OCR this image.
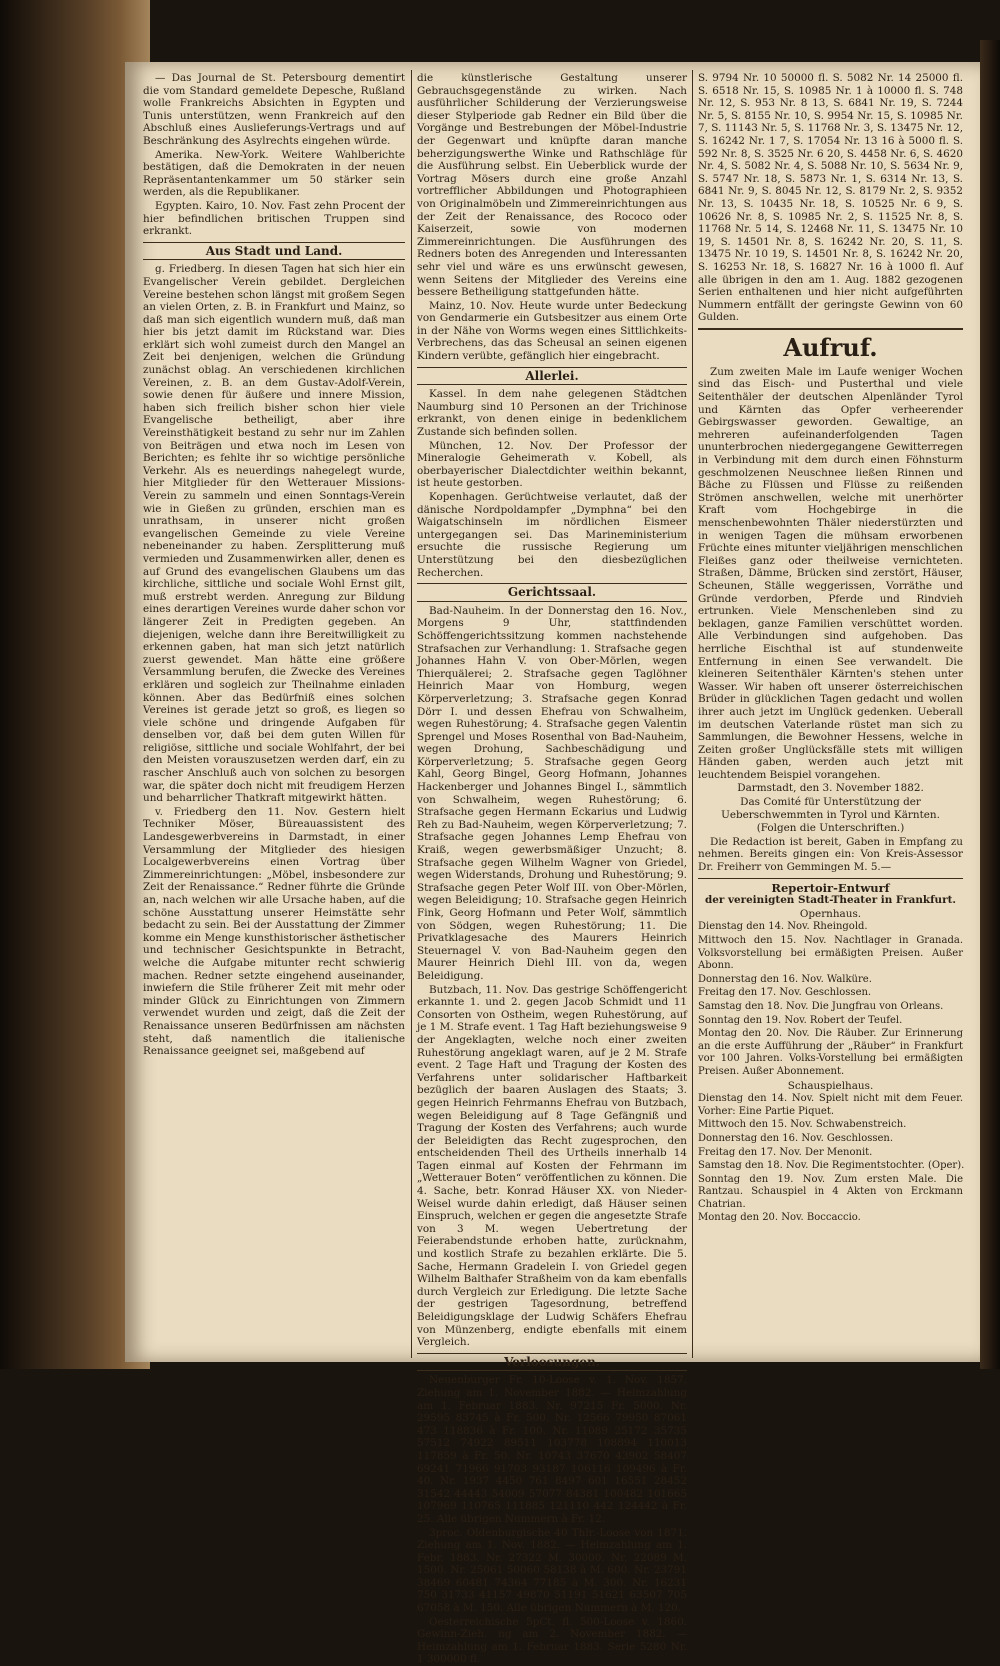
— Das Journal de St. Petersbourg dementirt die vom Standard gemeldete Depesche, Rußland wolle Frankreichs Absichten in Egypten und Tunis unterstützen, wenn Frankreich auf den Abschluß eines Auslieferungs-Vertrags und auf Beschränkung des Asylrechts eingehen würde.

Amerika. New-York. Weitere Wahlberichte bestätigen, daß die Demokraten in der neuen Repräsentantenkammer um 50 stärker sein werden, als die Republikaner.

Egypten. Kairo, 10. Nov. Fast zehn Procent der hier befindlichen britischen Truppen sind erkrankt.

Aus Stadt und Land.

g. Friedberg. In diesen Tagen hat sich hier ein Evangelischer Verein gebildet. Dergleichen Vereine bestehen schon längst mit großem Segen an vielen Orten, z. B. in Frankfurt und Mainz, so daß man sich eigentlich wundern muß, daß man hier bis jetzt damit im Rückstand war. Dies erklärt sich wohl zumeist durch den Mangel an Zeit bei denjenigen, welchen die Gründung zunächst oblag. An verschiedenen kirchlichen Vereinen, z. B. an dem Gustav-Adolf-Verein, sowie denen für äußere und innere Mission, haben sich freilich bisher schon hier viele Evangelische betheiligt, aber ihre Vereinsthätigkeit bestand zu sehr nur im Zahlen von Beiträgen und etwa noch im Lesen von Berichten; es fehlte ihr so wichtige persönliche Verkehr. Als es neuerdings nahegelegt wurde, hier Mitglieder für den Wetterauer Missions-Verein zu sammeln und einen Sonntags-Verein wie in Gießen zu gründen, erschien man es unrathsam, in unserer nicht großen evangelischen Gemeinde zu viele Vereine nebeneinander zu haben. Zersplitterung muß vermieden und Zusammenwirken aller, denen es auf Grund des evangelischen Glaubens um das kirchliche, sittliche und sociale Wohl Ernst gilt, muß erstrebt werden. Anregung zur Bildung eines derartigen Vereines wurde daher schon vor längerer Zeit in Predigten gegeben. An diejenigen, welche dann ihre Bereitwilligkeit zu erkennen gaben, hat man sich jetzt natürlich zuerst gewendet. Man hätte eine größere Versammlung berufen, die Zwecke des Vereines erklären und sogleich zur Theilnahme einladen können. Aber das Bedürfniß eines solchen Vereines ist gerade jetzt so groß, es liegen so viele schöne und dringende Aufgaben für denselben vor, daß bei dem guten Willen für religiöse, sittliche und sociale Wohlfahrt, der bei den Meisten vorauszusetzen werden darf, ein zu rascher Anschluß auch von solchen zu besorgen war, die später doch nicht mit freudigem Herzen und beharrlicher Thatkraft mitgewirkt hätten.

v. Friedberg den 11. Nov. Gestern hielt Techniker Möser, Büreauassistent des Landesgewerbvereins in Darmstadt, in einer Versammlung der Mitglieder des hiesigen Localgewerbvereins einen Vortrag über Zimmereinrichtungen: „Möbel, insbesondere zur Zeit der Renaissance.“ Redner führte die Gründe an, nach welchen wir alle Ursache haben, auf die schöne Ausstattung unserer Heimstätte sehr bedacht zu sein. Bei der Ausstattung der Zimmer komme ein Menge kunsthistorischer ästhetischer und technischer Gesichtspunkte in Betracht, welche die Aufgabe mitunter recht schwierig machen. Redner setzte eingehend auseinander, inwiefern die Stile früherer Zeit mit mehr oder minder Glück zu Einrichtungen von Zimmern verwendet wurden und zeigt, daß die Zeit der Renaissance unseren Bedürfnissen am nächsten steht, daß namentlich die italienische Renaissance geeignet sei, maßgebend auf

die künstlerische Gestaltung unserer Gebrauchsgegenstände zu wirken. Nach ausführlicher Schilderung der Verzierungsweise dieser Stylperiode gab Redner ein Bild über die Vorgänge und Bestrebungen der Möbel-Industrie der Gegenwart und knüpfte daran manche beherzigungswerthe Winke und Rathschläge für die Ausführung selbst. Ein Ueberblick wurde der Vortrag Mösers durch eine große Anzahl vortrefflicher Abbildungen und Photographieen von Originalmöbeln und Zimmereinrichtungen aus der Zeit der Renaissance, des Rococo oder Kaiserzeit, sowie von modernen Zimmereinrichtungen. Die Ausführungen des Redners boten des Anregenden und Interessanten sehr viel und wäre es uns erwünscht gewesen, wenn Seitens der Mitglieder des Vereins eine bessere Betheiligung stattgefunden hätte.

Mainz, 10. Nov. Heute wurde unter Bedeckung von Gendarmerie ein Gutsbesitzer aus einem Orte in der Nähe von Worms wegen eines Sittlichkeits-Verbrechens, das das Scheusal an seinen eigenen Kindern verübte, gefänglich hier eingebracht.

Allerlei.

Kassel. In dem nahe gelegenen Städtchen Naumburg sind 10 Personen an der Trichinose erkrankt, von denen einige in bedenklichem Zustande sich befinden sollen.

München, 12. Nov. Der Professor der Mineralogie Geheimerath v. Kobell, als oberbayerischer Dialectdichter weithin bekannt, ist heute gestorben.

Kopenhagen. Gerüchtweise verlautet, daß der dänische Nordpoldampfer „Dymphna“ bei den Waigatschinseln im nördlichen Eismeer untergegangen sei. Das Marineministerium ersuchte die russische Regierung um Unterstützung bei den diesbezüglichen Recherchen.

Gerichtssaal.

Bad-Nauheim. In der Donnerstag den 16. Nov., Morgens 9 Uhr, stattfindenden Schöffengerichtssitzung kommen nachstehende Strafsachen zur Verhandlung: 1. Strafsache gegen Johannes Hahn V. von Ober-Mörlen, wegen Thierquälerei; 2. Strafsache gegen Taglöhner Heinrich Maar von Homburg, wegen Körperverletzung; 3. Strafsache gegen Konrad Dörr I. und dessen Ehefrau von Schwalheim, wegen Ruhestörung; 4. Strafsache gegen Valentin Sprengel und Moses Rosenthal von Bad-Nauheim, wegen Drohung, Sachbeschädigung und Körperverletzung; 5. Strafsache gegen Georg Kahl, Georg Bingel, Georg Hofmann, Johannes Hackenberger und Johannes Bingel I., sämmtlich von Schwalheim, wegen Ruhestörung; 6. Strafsache gegen Hermann Eckarius und Ludwig Reh zu Bad-Nauheim, wegen Körperverletzung; 7. Strafsache gegen Johannes Lemp Ehefrau von Kraiß, wegen gewerbsmäßiger Unzucht; 8. Strafsache gegen Wilhelm Wagner von Griedel, wegen Widerstands, Drohung und Ruhestörung; 9. Strafsache gegen Peter Wolf III. von Ober-Mörlen, wegen Beleidigung; 10. Strafsache gegen Heinrich Fink, Georg Hofmann und Peter Wolf, sämmtlich von Södgen, wegen Ruhestörung; 11. Die Privatklagesache des Maurers Heinrich Steuernagel V. von Bad-Nauheim gegen den Maurer Heinrich Diehl III. von da, wegen Beleidigung.

Butzbach, 11. Nov. Das gestrige Schöffengericht erkannte 1. und 2. gegen Jacob Schmidt und 11 Consorten von Ostheim, wegen Ruhestörung, auf je 1 M. Strafe event. 1 Tag Haft beziehungsweise 9 der Angeklagten, welche noch einer zweiten Ruhestörung angeklagt waren, auf je 2 M. Strafe event. 2 Tage Haft und Tragung der Kosten des Verfahrens unter solidarischer Haftbarkeit bezüglich der baaren Auslagen des Staats; 3. gegen Heinrich Fehrmanns Ehefrau von Butzbach, wegen Beleidigung auf 8 Tage Gefängniß und Tragung der Kosten des Verfahrens; auch wurde der Beleidigten das Recht zugesprochen, den entscheidenden Theil des Urtheils innerhalb 14 Tagen einmal auf Kosten der Fehrmann im „Wetterauer Boten“ veröffentlichen zu können. Die 4. Sache, betr. Konrad Häuser XX. von Nieder-Weisel wurde dahin erledigt, daß Häuser seinen Einspruch, welchen er gegen die angesetzte Strafe von 3 M. wegen Uebertretung der Feierabendstunde erhoben hatte, zurücknahm, und kostlich Strafe zu bezahlen erklärte. Die 5. Sache, Hermann Gradelein I. von Griedel gegen Wilhelm Balthafer Straßheim von da kam ebenfalls durch Vergleich zur Erledigung. Die letzte Sache der gestrigen Tagesordnung, betreffend Beleidigungsklage der Ludwig Schäfers Ehefrau von Münzenberg, endigte ebenfalls mit einem Vergleich.

Verloosungen.

Neuenburger Fr. 10-Loose v. 1. Nov. 1857. Ziehung am 1. November 1882. — Heimzahlung am 1. Februar 1883. Nr. 97215 Fr. 5000. Nr. 29595 83745 à Fr. 500. Nr. 12566 79950 87061 473 118836 à Fr. 100. Nr. 11089 25172 35735 57512 74922 89511 103778 108894 110013 117859 à Fr. 50. Nr. 10743 37670 43902 58407 69241 71966 91703 93187 106116 109496 à Fr. 40. Nr. 1937 4450 761 8497 601 16551 28452 31542 44443 54009 57077 84381 100482 101665 107969 110765 111885 121110 442 124442 à Fr. 25. Alle übrigen Nummern à Fr. 12.

3proc. Oldenburgische 40 Thlr.-Loose von 1871. Ziehung am 1. Nov. 1882. — Heimzahlung am 1. Febr. 1883. Nr. 27322 M. 30000. Nr. 22089 M. 1500. Nr. 25061 50060 58138 à M. 600. Nr. 23791 38469 60481 74364 77185 à M. 300. Nr. 16231 750 31733 41157 49870 51191 51621 63507 705 67058 à M. 150. Alle übrigen Nummern à M. 120.

Oesterreichische 5pCt. fl. 500-Loose v. 1860. Gewinn-Zieh. ng am 2. November 1882. — Heimzahlung am 1. Februar 1883. Serie 5280 Nr. 1 300000 fl.

S. 9794 Nr. 10 50000 fl. S. 5082 Nr. 14 25000 fl. S. 6518 Nr. 15, S. 10985 Nr. 1 à 10000 fl. S. 748 Nr. 12, S. 953 Nr. 8 13, S. 6841 Nr. 19, S. 7244 Nr. 5, S. 8155 Nr. 10, S. 9954 Nr. 15, S. 10985 Nr. 7, S. 11143 Nr. 5, S. 11768 Nr. 3, S. 13475 Nr. 12, S. 16242 Nr. 1 7, S. 17054 Nr. 13 16 à 5000 fl. S. 592 Nr. 8, S. 3525 Nr. 6 20, S. 4458 Nr. 6, S. 4620 Nr. 4, S. 5082 Nr. 4, S. 5088 Nr. 10, S. 5634 Nr. 9, S. 5747 Nr. 18, S. 5873 Nr. 1, S. 6314 Nr. 13, S. 6841 Nr. 9, S. 8045 Nr. 12, S. 8179 Nr. 2, S. 9352 Nr. 13, S. 10435 Nr. 18, S. 10525 Nr. 6 9, S. 10626 Nr. 8, S. 10985 Nr. 2, S. 11525 Nr. 8, S. 11768 Nr. 5 14, S. 12468 Nr. 11, S. 13475 Nr. 10 19, S. 14501 Nr. 8, S. 16242 Nr. 20, S. 11, S. 13475 Nr. 10 19, S. 14501 Nr. 8, S. 16242 Nr. 20, S. 16253 Nr. 18, S. 16827 Nr. 16 à 1000 fl. Auf alle übrigen in den am 1. Aug. 1882 gezogenen Serien enthaltenen und hier nicht aufgeführten Nummern entfällt der geringste Gewinn von 60 Gulden.

Aufruf.

Zum zweiten Male im Laufe weniger Wochen sind das Eisch- und Pusterthal und viele Seitenthäler der deutschen Alpenländer Tyrol und Kärnten das Opfer verheerender Gebirgswasser geworden. Gewaltige, an mehreren aufeinanderfolgenden Tagen ununterbrochen niedergegangene Gewitterregen in Verbindung mit dem durch einen Föhnsturm geschmolzenen Neuschnee ließen Rinnen und Bäche zu Flüssen und Flüsse zu reißenden Strömen anschwellen, welche mit unerhörter Kraft vom Hochgebirge in die menschenbewohnten Thäler niederstürzten und in wenigen Tagen die mühsam erworbenen Früchte eines mitunter vieljährigen menschlichen Fleißes ganz oder theilweise vernichteten. Straßen, Dämme, Brücken sind zerstört, Häuser, Scheunen, Ställe weggerissen, Vorräthe und Gründe verdorben, Pferde und Rindvieh ertrunken. Viele Menschenleben sind zu beklagen, ganze Familien verschüttet worden. Alle Verbindungen sind aufgehoben. Das herrliche Eischthal ist auf stundenweite Entfernung in einen See verwandelt. Die kleineren Seitenthäler Kärnten's stehen unter Wasser. Wir haben oft unserer österreichischen Brüder in glücklichen Tagen gedacht und wollen ihrer auch jetzt im Unglück gedenken. Ueberall im deutschen Vaterlande rüstet man sich zu Sammlungen, die Bewohner Hessens, welche in Zeiten großer Unglücksfälle stets mit willigen Händen gaben, werden auch jetzt mit leuchtendem Beispiel vorangehen.

Darmstadt, den 3. November 1882.

Das Comité für Unterstützung der Ueberschwemmten in Tyrol und Kärnten.

(Folgen die Unterschriften.)

Die Redaction ist bereit, Gaben in Empfang zu nehmen. Bereits gingen ein: Von Kreis-Assessor Dr. Freiherr von Gemmingen M. 5.—

Repertoir-Entwurf

der vereinigten Stadt-Theater in Frankfurt.

Opernhaus.

Dienstag den 14. Nov. Rheingold.

Mittwoch den 15. Nov. Nachtlager in Granada. Volksvorstellung bei ermäßigten Preisen. Außer Abonn.

Donnerstag den 16. Nov. Walküre.

Freitag den 17. Nov. Geschlossen.

Samstag den 18. Nov. Die Jungfrau von Orleans.

Sonntag den 19. Nov. Robert der Teufel.

Montag den 20. Nov. Die Räuber. Zur Erinnerung an die erste Aufführung der „Räuber“ in Frankfurt vor 100 Jahren. Volks-Vorstellung bei ermäßigten Preisen. Außer Abonnement.

Schauspielhaus.

Dienstag den 14. Nov. Spielt nicht mit dem Feuer. Vorher: Eine Partie Piquet.

Mittwoch den 15. Nov. Schwabenstreich.

Donnerstag den 16. Nov. Geschlossen.

Freitag den 17. Nov. Der Menonit.

Samstag den 18. Nov. Die Regimentstochter. (Oper).

Sonntag den 19. Nov. Zum ersten Male. Die Rantzau. Schauspiel in 4 Akten von Erckmann Chatrian.

Montag den 20. Nov. Boccaccio.
